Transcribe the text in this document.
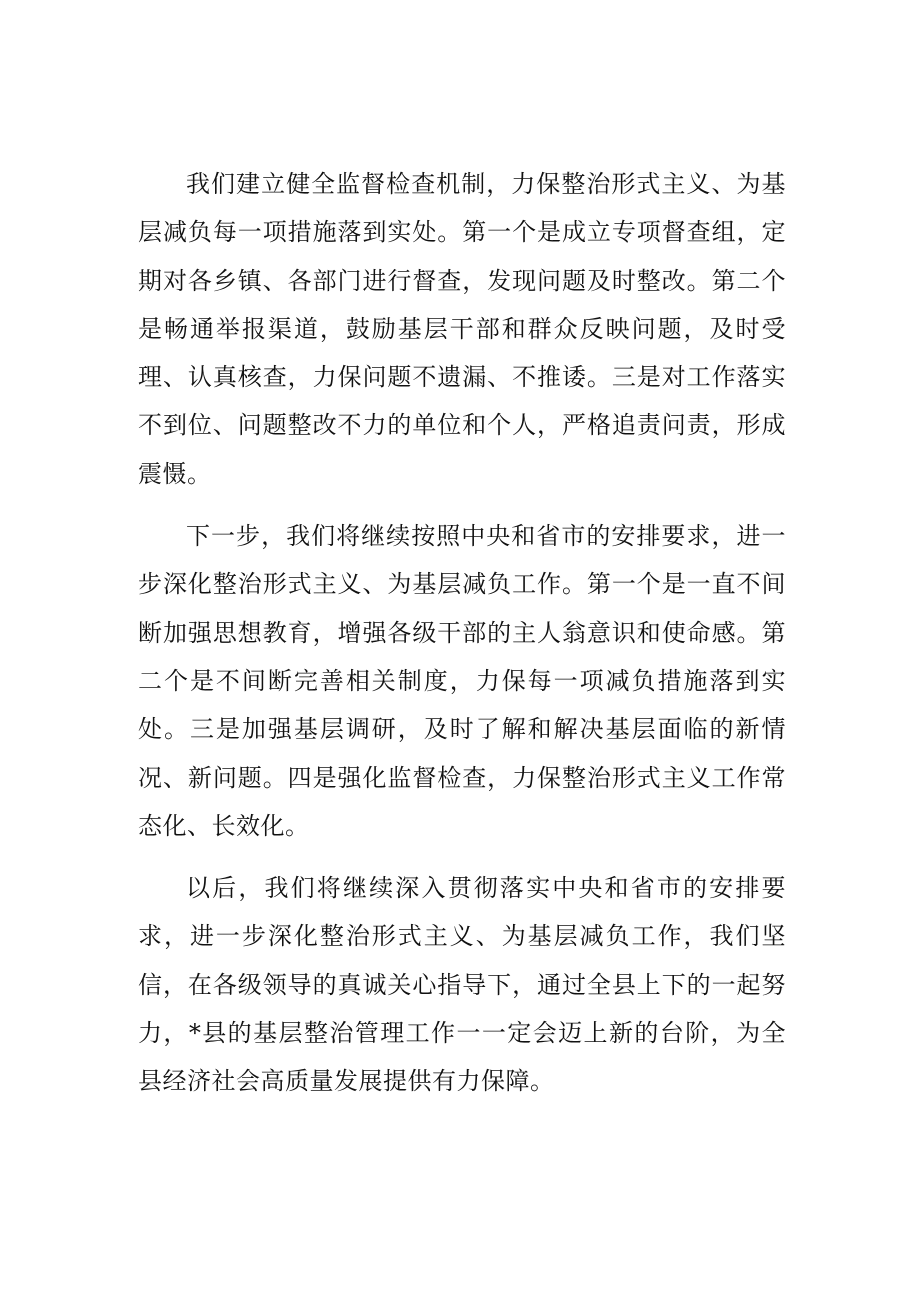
我们建立健全监督检查机制，力保整治形式主义、为基层减负每一项措施落到实处。第一个是成立专项督查组，定期对各乡镇、各部门进行督查，发现问题及时整改。第二个是畅通举报渠道，鼓励基层干部和群众反映问题，及时受理、认真核查，力保问题不遗漏、不推诿。三是对工作落实不到位、问题整改不力的单位和个人，严格追责问责，形成震慑。

下一步，我们将继续按照中央和省市的安排要求，进一步深化整治形式主义、为基层减负工作。第一个是一直不间断加强思想教育，增强各级干部的主人翁意识和使命感。第二个是不间断完善相关制度，力保每一项减负措施落到实处。三是加强基层调研，及时了解和解决基层面临的新情况、新问题。四是强化监督检查，力保整治形式主义工作常态化、长效化。

以后，我们将继续深入贯彻落实中央和省市的安排要求，进一步深化整治形式主义、为基层减负工作，我们坚信，在各级领导的真诚关心指导下，通过全县上下的一起努力，*县的基层整治管理工作一一定会迈上新的台阶，为全县经济社会高质量发展提供有力保障。
